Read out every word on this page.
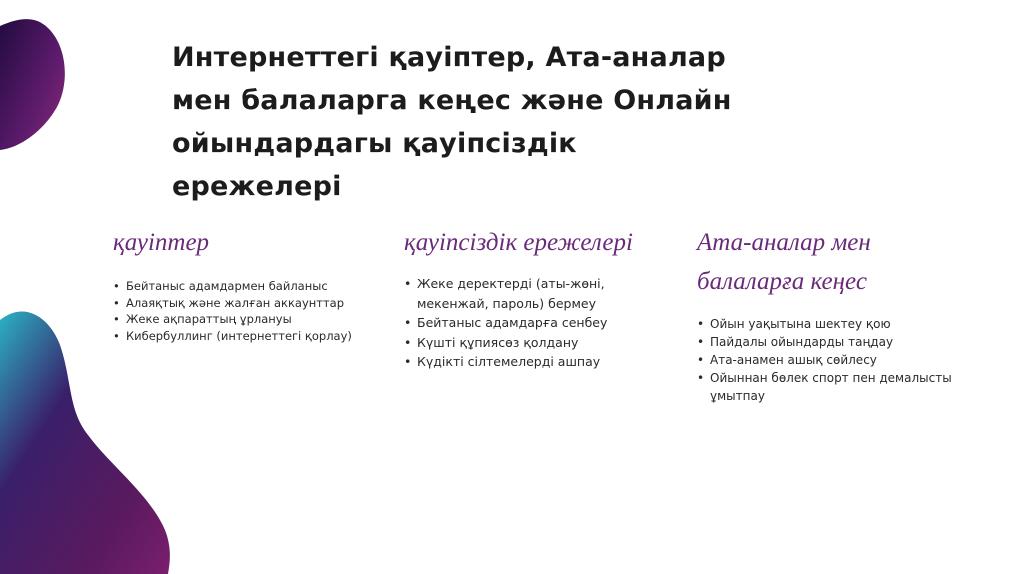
Интернеттегі қауіптер, Ата-аналар мен балаларга кеңес және Онлайн ойындардагы қауіпсіздік ережелері
қауіптер
• Бейтаныс адамдармен байланыс
• Алаяқтық және жалған аккаунттар
• Жеке ақпараттың ұрлануы
• Кибербуллинг (интернеттегі қорлау)
қауіпсіздік ережелері
• Жеке деректерді (аты-жөні, мекенжай, пароль) бермеу
• Бейтаныс адамдарға сенбеу
• Күшті құпиясөз қолдану
• Күдікті сілтемелерді ашпау
Ата-аналар мен балаларға кеңес
• Ойын уақытына шектеу қою
• Пайдалы ойындарды таңдау
• Ата-анамен ашық сөйлесу
• Ойыннан бөлек спорт пен демалысты ұмытпау
